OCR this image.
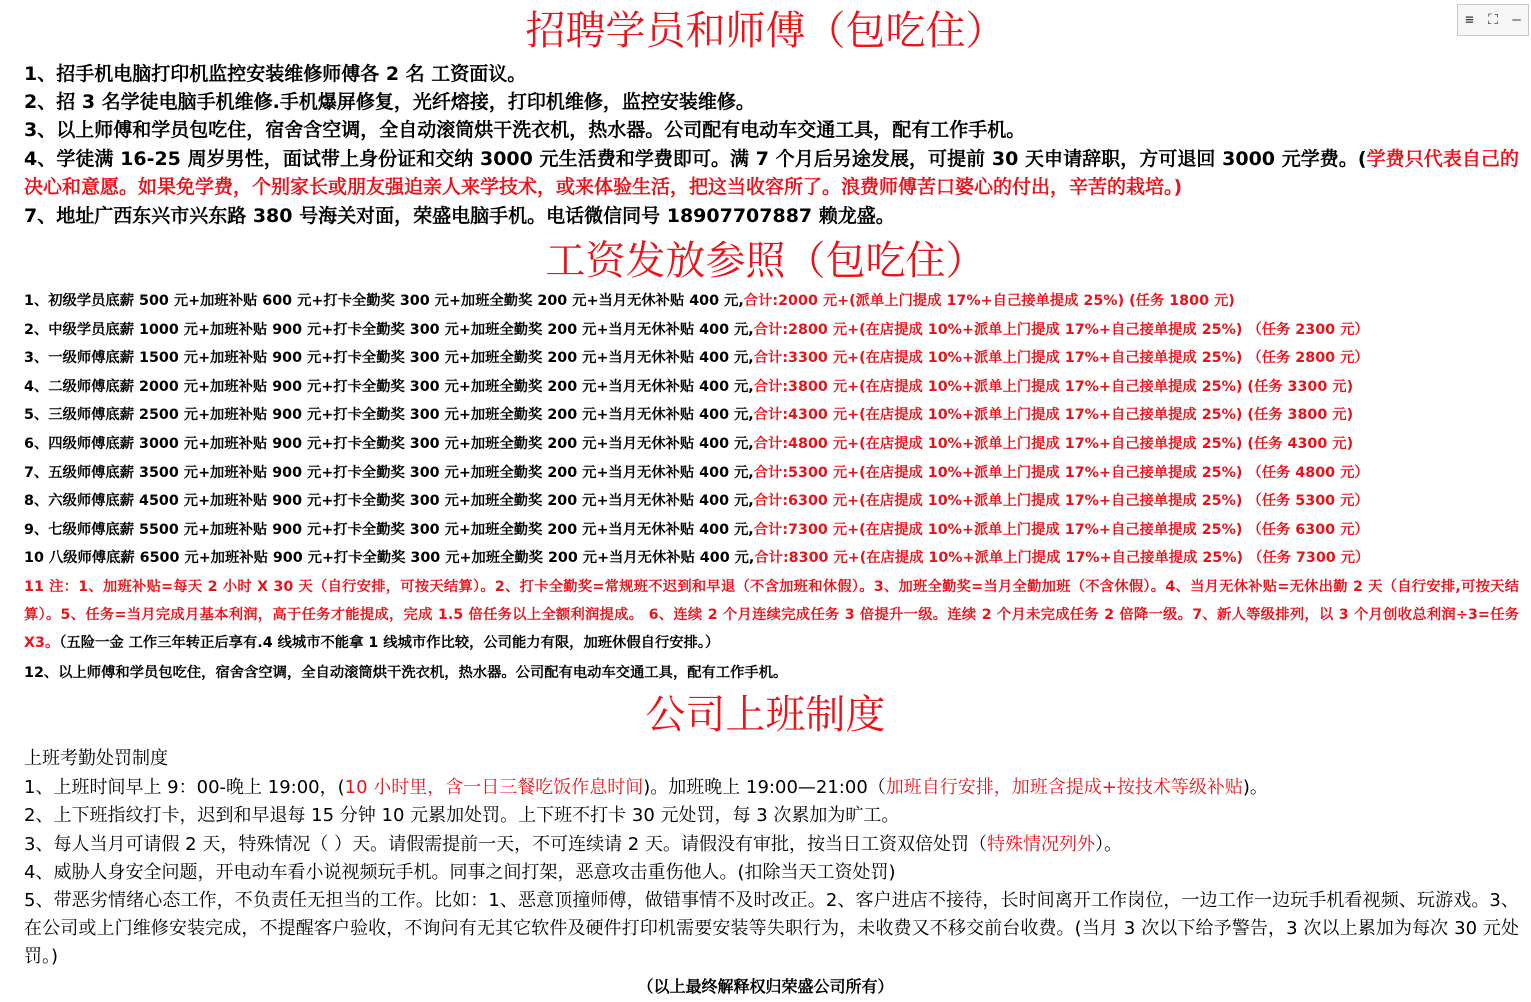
≡ ⛶ —
招聘学员和师傅（包吃住）

1、招手机电脑打印机监控安装维修师傅各 2 名 工资面议。

2、招 3 名学徒电脑手机维修.手机爆屏修复，光纤熔接，打印机维修，监控安装维修。

3、以上师傅和学员包吃住，宿舍含空调，全自动滚筒烘干洗衣机，热水器。公司配有电动车交通工具，配有工作手机。

4、学徒满 16-25 周岁男性，面试带上身份证和交纳 3000 元生活费和学费即可。满 7 个月后另途发展，可提前 30 天申请辞职，方可退回 3000 元学费。(学费只代表自己的决心和意愿。如果免学费，个别家长或朋友强迫亲人来学技术，或来体验生活，把这当收容所了。浪费师傅苦口婆心的付出，辛苦的栽培。)

7、地址广西东兴市兴东路 380 号海关对面，荣盛电脑手机。电话微信同号 18907707887 赖龙盛。

工资发放参照（包吃住）

1、初级学员底薪 500 元+加班补贴 600 元+打卡全勤奖 300 元+加班全勤奖 200 元+当月无休补贴 400 元,合计:2000 元+(派单上门提成 17%+自己接单提成 25%) (任务 1800 元)

2、中级学员底薪 1000 元+加班补贴 900 元+打卡全勤奖 300 元+加班全勤奖 200 元+当月无休补贴 400 元,合计:2800 元+(在店提成 10%+派单上门提成 17%+自己接单提成 25%) （任务 2300 元）

3、一级师傅底薪 1500 元+加班补贴 900 元+打卡全勤奖 300 元+加班全勤奖 200 元+当月无休补贴 400 元,合计:3300 元+(在店提成 10%+派单上门提成 17%+自己接单提成 25%) （任务 2800 元）

4、二级师傅底薪 2000 元+加班补贴 900 元+打卡全勤奖 300 元+加班全勤奖 200 元+当月无休补贴 400 元,合计:3800 元+(在店提成 10%+派单上门提成 17%+自己接单提成 25%) (任务 3300 元)

5、三级师傅底薪 2500 元+加班补贴 900 元+打卡全勤奖 300 元+加班全勤奖 200 元+当月无休补贴 400 元,合计:4300 元+(在店提成 10%+派单上门提成 17%+自己接单提成 25%) (任务 3800 元)

6、四级师傅底薪 3000 元+加班补贴 900 元+打卡全勤奖 300 元+加班全勤奖 200 元+当月无休补贴 400 元,合计:4800 元+(在店提成 10%+派单上门提成 17%+自己接单提成 25%) (任务 4300 元)

7、五级师傅底薪 3500 元+加班补贴 900 元+打卡全勤奖 300 元+加班全勤奖 200 元+当月无休补贴 400 元,合计:5300 元+(在店提成 10%+派单上门提成 17%+自己接单提成 25%) （任务 4800 元）

8、六级师傅底薪 4500 元+加班补贴 900 元+打卡全勤奖 300 元+加班全勤奖 200 元+当月无休补贴 400 元,合计:6300 元+(在店提成 10%+派单上门提成 17%+自己接单提成 25%) （任务 5300 元）

9、七级师傅底薪 5500 元+加班补贴 900 元+打卡全勤奖 300 元+加班全勤奖 200 元+当月无休补贴 400 元,合计:7300 元+(在店提成 10%+派单上门提成 17%+自己接单提成 25%) （任务 6300 元）

10 八级师傅底薪 6500 元+加班补贴 900 元+打卡全勤奖 300 元+加班全勤奖 200 元+当月无休补贴 400 元,合计:8300 元+(在店提成 10%+派单上门提成 17%+自己接单提成 25%) （任务 7300 元）

11 注：1、加班补贴=每天 2 小时 X 30 天（自行安排，可按天结算）。2、打卡全勤奖=常规班不迟到和早退（不含加班和休假）。3、加班全勤奖=当月全勤加班（不含休假）。4、当月无休补贴=无休出勤 2 天（自行安排,可按天结算）。5、任务=当月完成月基本利润，高于任务才能提成，完成 1.5 倍任务以上全额利润提成。 6、连续 2 个月连续完成任务 3 倍提升一级。连续 2 个月未完成任务 2 倍降一级。7、新人等级排列，以 3 个月创收总利润÷3=任务 X3。（五险一金 工作三年转正后享有.4 线城市不能拿 1 线城市作比较，公司能力有限，加班休假自行安排。）

12、以上师傅和学员包吃住，宿舍含空调，全自动滚筒烘干洗衣机，热水器。公司配有电动车交通工具，配有工作手机。

公司上班制度

上班考勤处罚制度

1、上班时间早上 9：00-晚上 19:00，(10 小时里，含一日三餐吃饭作息时间)。加班晚上 19:00—21:00（加班自行安排，加班含提成+按技术等级补贴)。

2、上下班指纹打卡，迟到和早退每 15 分钟 10 元累加处罚。上下班不打卡 30 元处罚，每 3 次累加为旷工。

3、每人当月可请假 2 天，特殊情况（ ）天。请假需提前一天，不可连续请 2 天。请假没有审批，按当日工资双倍处罚（特殊情况列外）。

4、威胁人身安全问题，开电动车看小说视频玩手机。同事之间打架，恶意攻击重伤他人。(扣除当天工资处罚)

5、带恶劣情绪心态工作，不负责任无担当的工作。比如：1、恶意顶撞师傅，做错事情不及时改正。2、客户进店不接待，长时间离开工作岗位，一边工作一边玩手机看视频、玩游戏。3、在公司或上门维修安装完成，不提醒客户验收，不询问有无其它软件及硬件打印机需要安装等失职行为，未收费又不移交前台收费。(当月 3 次以下给予警告，3 次以上累加为每次 30 元处罚。)

（以上最终解释权归荣盛公司所有）
